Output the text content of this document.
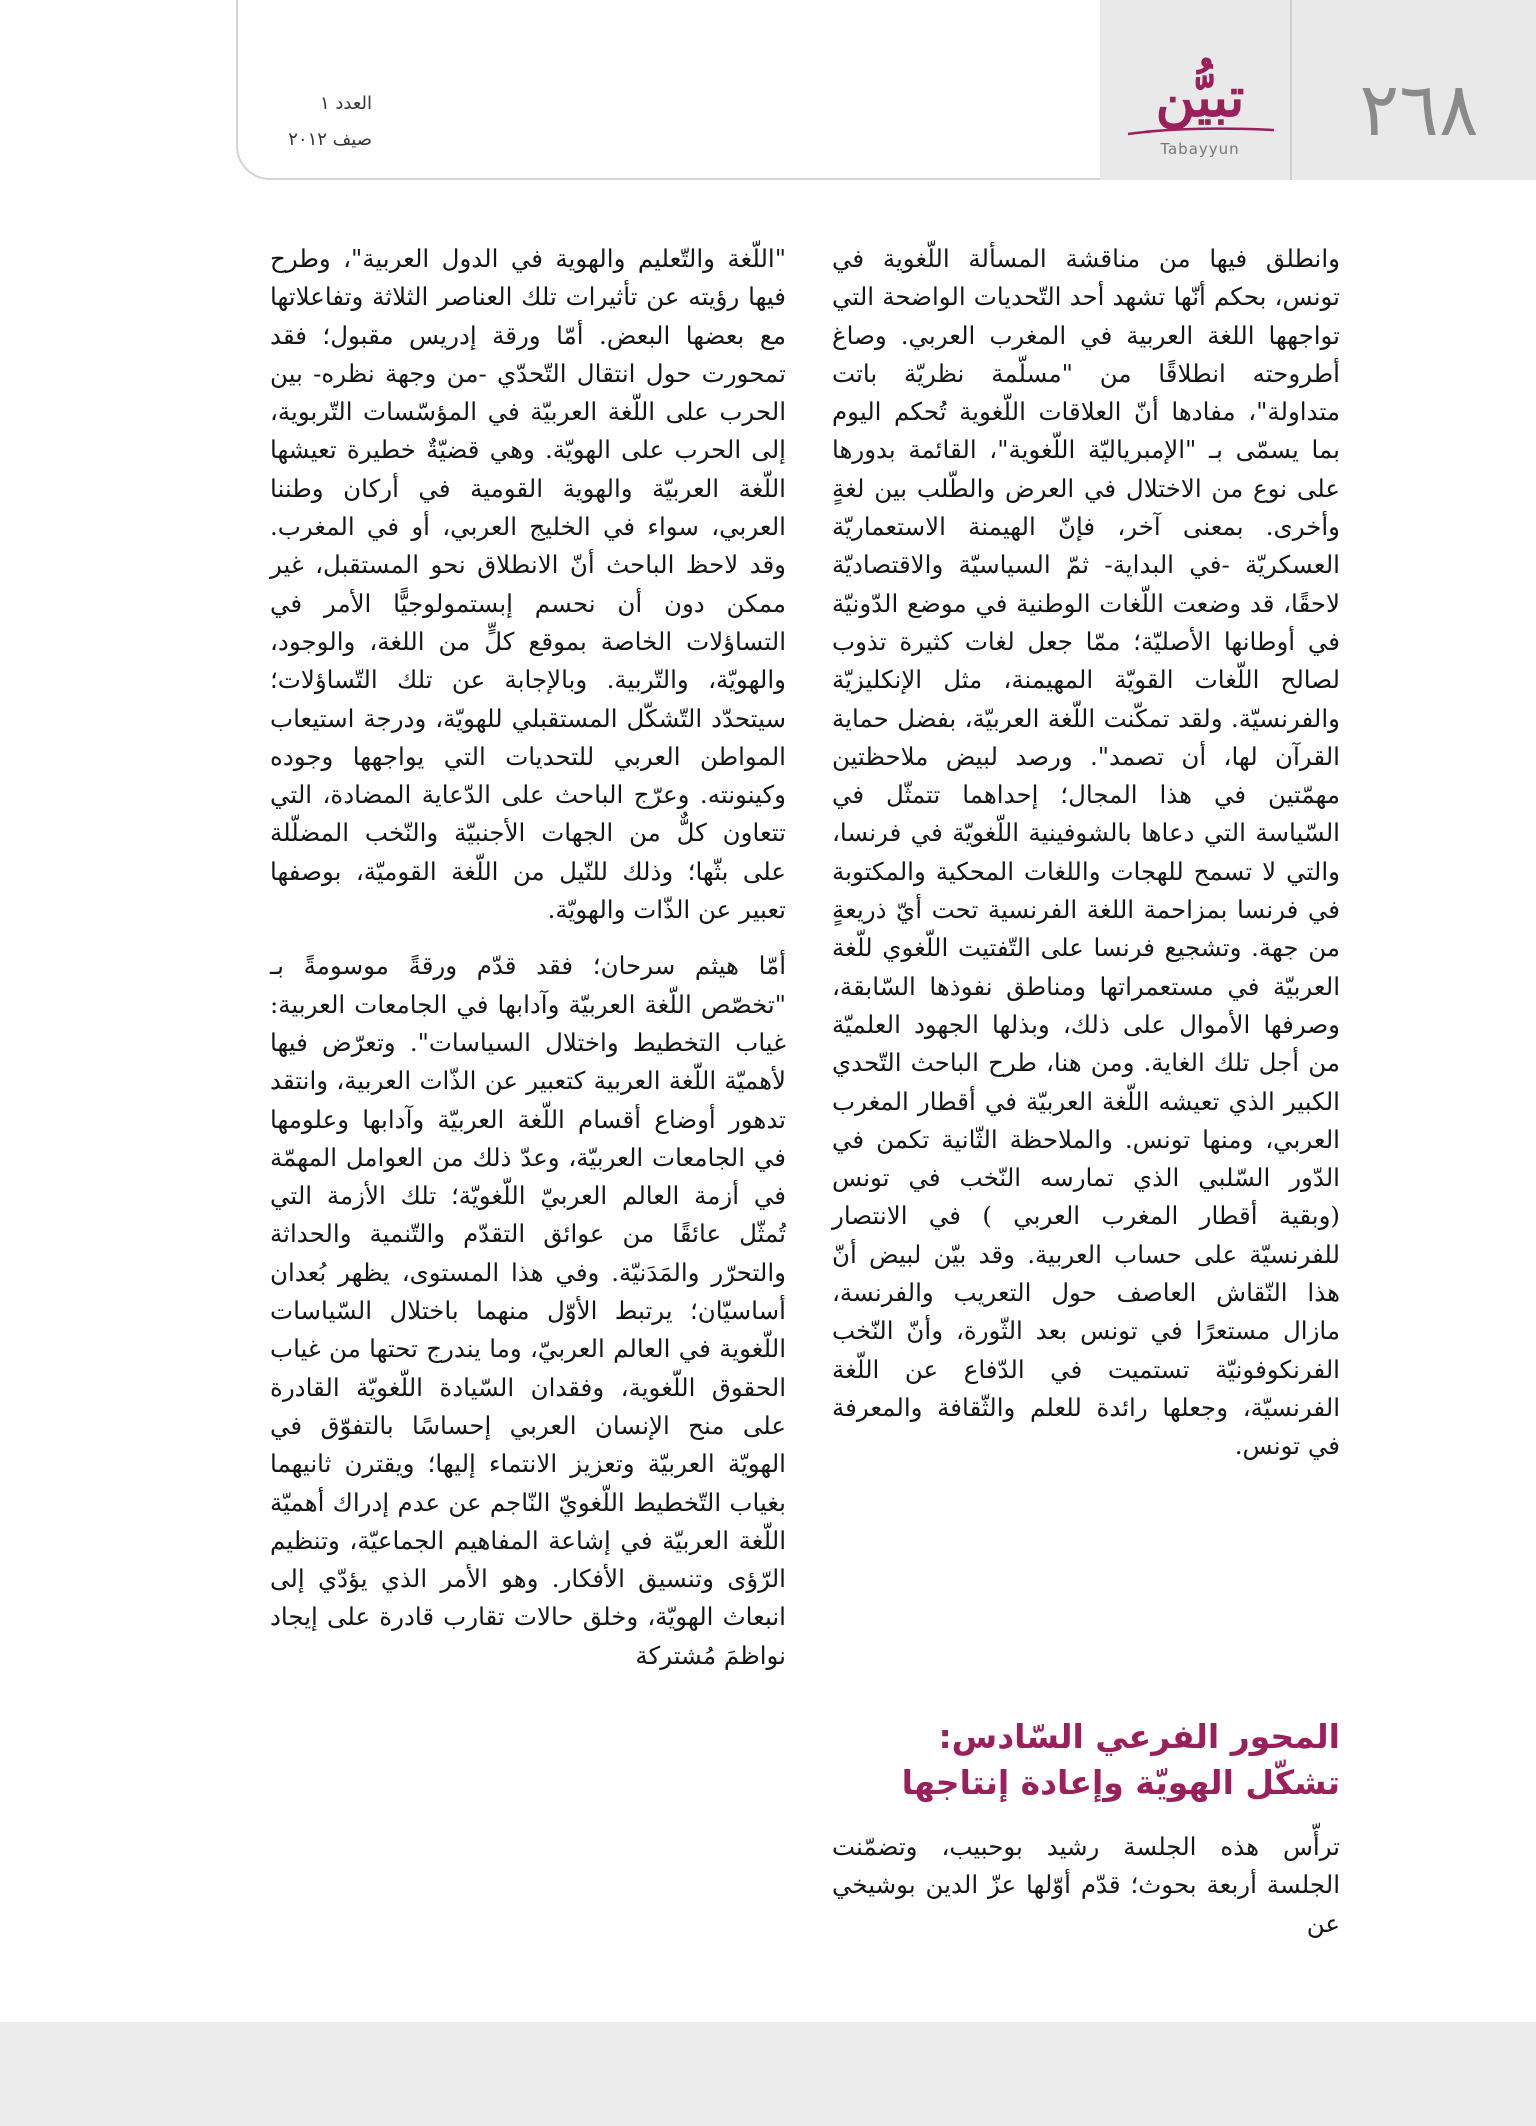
العدد ١
صيف ٢٠١٢
تبيُّن
Tabayyun	٢٦٨

وانطلق فيها من مناقشة المسألة اللّغوية في تونس، بحكم أنّها تشهد أحد التّحديات الواضحة التي تواجهها اللغة العربية في المغرب العربي. وصاغ أطروحته انطلاقًا من "مسلّمة نظريّة باتت متداولة"، مفادها أنّ العلاقات اللّغوية تُحكم اليوم بما يسمّى بـ "الإمبرياليّة اللّغوية"، القائمة بدورها على نوع من الاختلال في العرض والطّلب بين لغةٍ وأخرى. بمعنى آخر، فإنّ الهيمنة الاستعماريّة العسكريّة -في البداية- ثمّ السياسيّة والاقتصاديّة لاحقًا، قد وضعت اللّغات الوطنية في موضع الدّونيّة في أوطانها الأصليّة؛ ممّا جعل لغات كثيرة تذوب لصالح اللّغات القويّة المهيمنة، مثل الإنكليزيّة والفرنسيّة. ولقد تمكّنت اللّغة العربيّة، بفضل حماية القرآن لها، أن تصمد". ورصد لبيض ملاحظتين مهمّتين في هذا المجال؛ إحداهما تتمثّل في السّياسة التي دعاها بالشوفينية اللّغويّة في فرنسا، والتي لا تسمح للهجات واللغات المحكية والمكتوبة في فرنسا بمزاحمة اللغة الفرنسية تحت أيّ ذريعةٍ من جهة. وتشجيع فرنسا على التّفتيت اللّغوي للّغة العربيّة في مستعمراتها ومناطق نفوذها السّابقة، وصرفها الأموال على ذلك، وبذلها الجهود العلميّة من أجل تلك الغاية. ومن هنا، طرح الباحث التّحدي الكبير الذي تعيشه اللّغة العربيّة في أقطار المغرب العربي، ومنها تونس. والملاحظة الثّانية تكمن في الدّور السّلبي الذي تمارسه النّخب في تونس (وبقية أقطار المغرب العربي ) في الانتصار للفرنسيّة على حساب العربية. وقد بيّن لبيض أنّ هذا النّقاش العاصف حول التعريب والفرنسة، مازال مستعرًا في تونس بعد الثّورة، وأنّ النّخب الفرنكوفونيّة تستميت في الدّفاع عن اللّغة الفرنسيّة، وجعلها رائدة للعلم والثّقافة والمعرفة في تونس.

المحور الفرعي السّادس:
تشكّل الهويّة وإعادة إنتاجها
ترأّس هذه الجلسة رشيد بوحبيب، وتضمّنت الجلسة أربعة بحوث؛ قدّم أوّلها عزّ الدين بوشيخي عن

"اللّغة والتّعليم والهوية في الدول العربية"، وطرح فيها رؤيته عن تأثيرات تلك العناصر الثلاثة وتفاعلاتها مع بعضها البعض. أمّا ورقة إدريس مقبول؛ فقد تمحورت حول انتقال التّحدّي -من وجهة نظره- بين الحرب على اللّغة العربيّة في المؤسّسات التّربوية، إلى الحرب على الهويّة. وهي قضيّةٌ خطيرة تعيشها اللّغة العربيّة والهوية القومية في أركان وطننا العربي، سواء في الخليج العربي، أو في المغرب. وقد لاحظ الباحث أنّ الانطلاق نحو المستقبل، غير ممكن دون أن نحسم إبستمولوجيًّا الأمر في التساؤلات الخاصة بموقع كلٍّ من اللغة، والوجود، والهويّة، والتّربية. وبالإجابة عن تلك التّساؤلات؛ سيتحدّد التّشكّل المستقبلي للهويّة، ودرجة استيعاب المواطن العربي للتحديات التي يواجهها وجوده وكينونته. وعرّج الباحث على الدّعاية المضادة، التي تتعاون كلٌّ من الجهات الأجنبيّة والنّخب المضلّلة على بثّها؛ وذلك للنّيل من اللّغة القوميّة، بوصفها تعبير عن الذّات والهويّة.

أمّا هيثم سرحان؛ فقد قدّم ورقةً موسومةً بـ "تخصّص اللّغة العربيّة وآدابها في الجامعات العربية: غياب التخطيط واختلال السياسات". وتعرّض فيها لأهميّة اللّغة العربية كتعبير عن الذّات العربية، وانتقد تدهور أوضاع أقسام اللّغة العربيّة وآدابها وعلومها في الجامعات العربيّة، وعدّ ذلك من العوامل المهمّة في أزمة العالم العربيّ اللّغويّة؛ تلك الأزمة التي تُمثّل عائقًا من عوائق التقدّم والتّنمية والحداثة والتحرّر والمَدَنيّة. وفي هذا المستوى، يظهر بُعدان أساسيّان؛ يرتبط الأوّل منهما باختلال السّياسات اللّغوية في العالم العربيّ، وما يندرج تحتها من غياب الحقوق اللّغوية، وفقدان السّيادة اللّغويّة القادرة على منح الإنسان العربي إحساسًا بالتفوّق في الهويّة العربيّة وتعزيز الانتماء إليها؛ ويقترن ثانيهما بغياب التّخطيط اللّغويّ النّاجم عن عدم إدراك أهميّة اللّغة العربيّة في إشاعة المفاهيم الجماعيّة، وتنظيم الرّؤى وتنسيق الأفكار. وهو الأمر الذي يؤدّي إلى انبعاث الهويّة، وخلق حالات تقارب قادرة على إيجاد نواظمَ مُشتركة
